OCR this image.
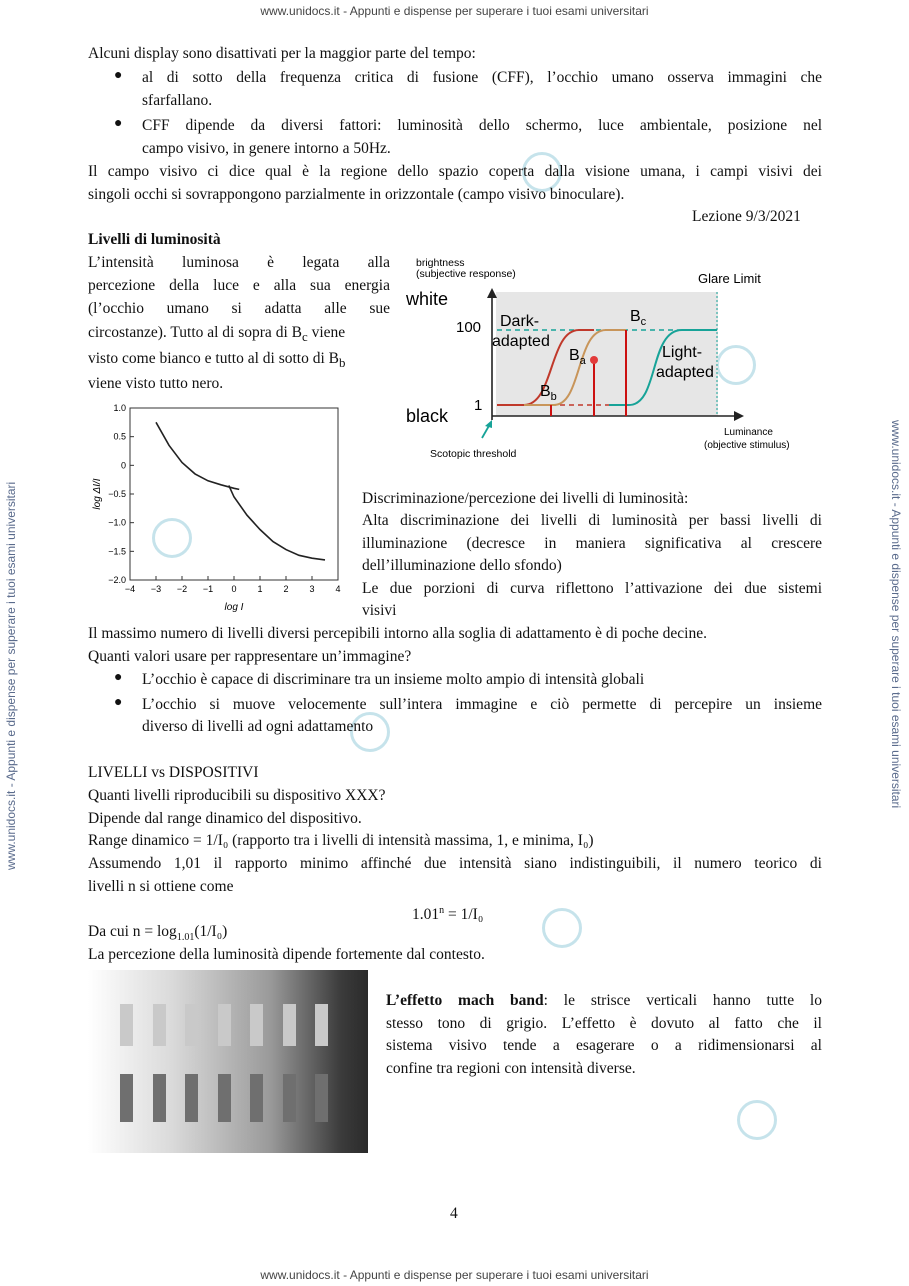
www.unidocs.it - Appunti e dispense per superare i tuoi esami universitari
www.unidocs.it - Appunti e dispense per superare i tuoi esami universitari
www.unidocs.it - Appunti e dispense per superare i tuoi esami universitari	www.unidocs.it - Appunti e dispense per superare i tuoi esami universitari
Alcuni display sono disattivati per la maggior parte del tempo:
● al di sotto della frequenza critica di fusione (CFF), l’occhio umano osserva immagini che
sfarfallano.
● CFF dipende da diversi fattori: luminosità dello schermo, luce ambientale, posizione nel
campo visivo, in genere intorno a 50Hz.
Il campo visivo ci dice qual è la regione dello spazio coperta dalla visione umana, i campi visivi dei
singoli occhi si sovrappongono parzialmente in orizzontale (campo visivo binoculare).
Lezione 9/3/2021
Livelli di luminosità
L’intensità luminosa è legata alla
percezione della luce e alla sua energia
(l’occhio umano si adatta alle sue
circostanze). Tutto al di sopra di $B_c$ viene
visto come bianco e tutto al di sotto di $B_b$
viene visto tutto nero.
brightness
(subjective response)
white
black
100
1
Glare Limit
Dark-
adapted
Light-
adapted
$B_c$
$B_a$
$B_b$
Luminance
(objective stimulus)
Scotopic threshold
−4 −3 −2 −1 0 1 2 3 4
1.0
0.5
0
−0.5
−1.0
−1.5
−2.0
log I
log ΔI/I	Discriminazione/percezione dei livelli di luminosità:
Alta discriminazione dei livelli di luminosità per bassi livelli di
illuminazione (decresce in maniera significativa al crescere
dell’illuminazione dello sfondo)
Le due porzioni di curva riflettono l’attivazione dei due sistemi
visivi
Il massimo numero di livelli diversi percepibili intorno alla soglia di adattamento è di poche decine.
Quanti valori usare per rappresentare un’immagine?
● L’occhio è capace di discriminare tra un insieme molto ampio di intensità globali
● L’occhio si muove velocemente sull’intera immagine e ciò permette di percepire un insieme
diverso di livelli ad ogni adattamento
LIVELLI vs DISPOSITIVI
Quanti livelli riproducibili su dispositivo XXX?
Dipende dal range dinamico del dispositivo.
Range dinamico = 1/I₀ (rapporto tra i livelli di intensità massima, 1, e minima, I₀)
Assumendo 1,01 il rapporto minimo affinché due intensità siano indistinguibili, il numero teorico di
livelli n si ottiene come
$1.01^n = 1/I_0$
Da cui $n = \log_{1.01}(1/I_0)$
La percezione della luminosità dipende fortemente dal contesto.
L’effetto mach band: le strisce verticali hanno tutte lo
stesso tono di grigio. L’effetto è dovuto al fatto che il
sistema visivo tende a esagerare o a ridimensionarsi al
confine tra regioni con intensità diverse.
4
